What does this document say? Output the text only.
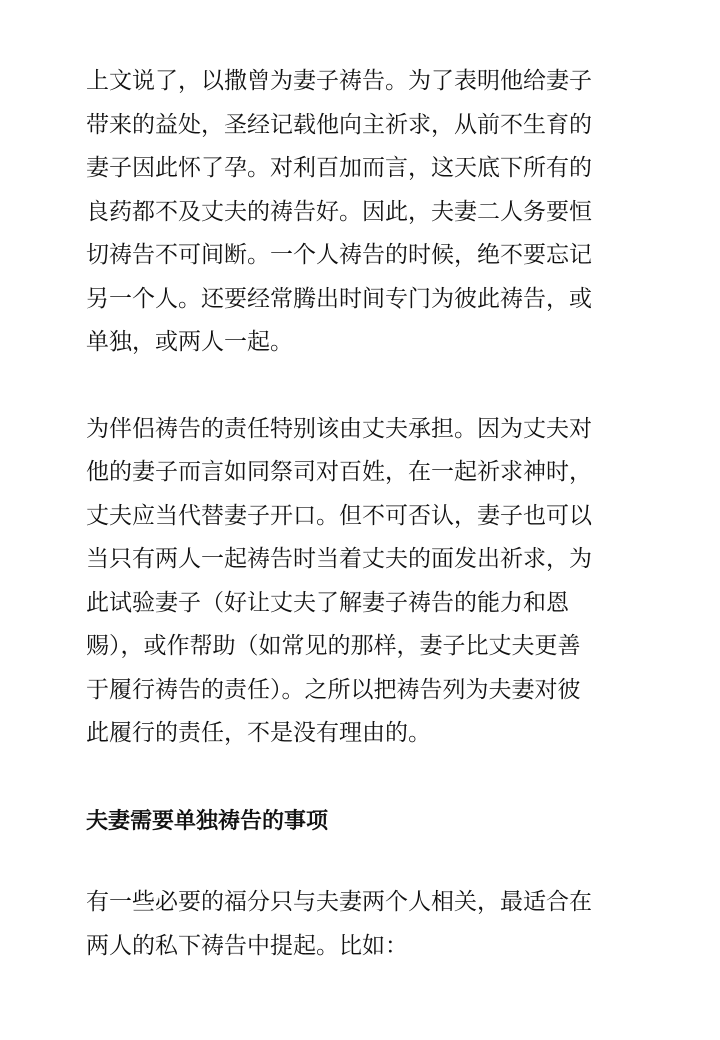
上文说了，以撒曾为妻子祷告。为了表明他给妻子
带来的益处，圣经记载他向主祈求，从前不生育的
妻子因此怀了孕。对利百加而言，这天底下所有的
良药都不及丈夫的祷告好。因此，夫妻二人务要恒
切祷告不可间断。一个人祷告的时候，绝不要忘记
另一个人。还要经常腾出时间专门为彼此祷告，或
单独，或两人一起。
为伴侣祷告的责任特别该由丈夫承担。因为丈夫对
他的妻子而言如同祭司对百姓，在一起祈求神时，
丈夫应当代替妻子开口。但不可否认，妻子也可以
当只有两人一起祷告时当着丈夫的面发出祈求，为
此试验妻子（好让丈夫了解妻子祷告的能力和恩
赐），或作帮助（如常见的那样，妻子比丈夫更善
于履行祷告的责任）。之所以把祷告列为夫妻对彼
此履行的责任，不是没有理由的。
夫妻需要单独祷告的事项
有一些必要的福分只与夫妻两个人相关，最适合在
两人的私下祷告中提起。比如：
